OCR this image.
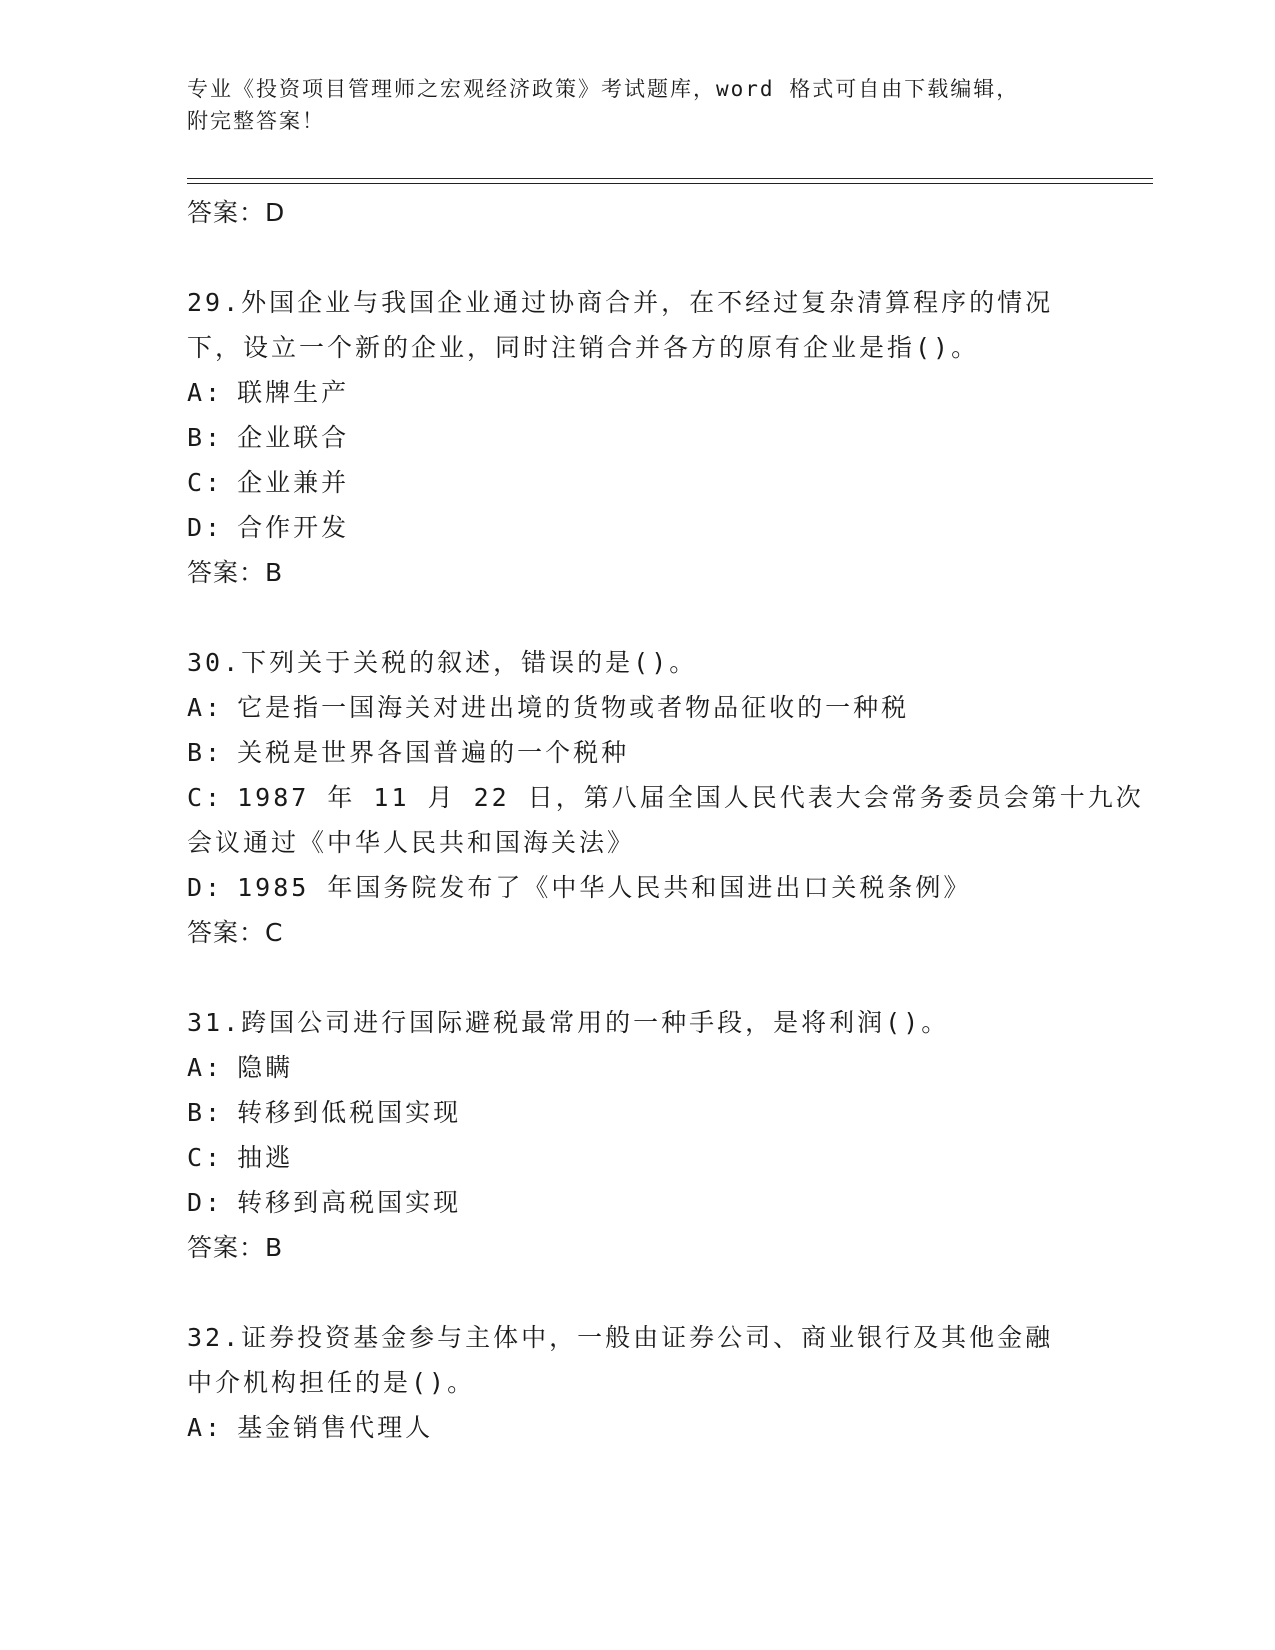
专业《投资项目管理师之宏观经济政策》考试题库，word 格式可自由下载编辑，
附完整答案！
答案：D
29.外国企业与我国企业通过协商合并，在不经过复杂清算程序的情况
下，设立一个新的企业，同时注销合并各方的原有企业是指()。
A: 联牌生产
B: 企业联合
C: 企业兼并
D: 合作开发
答案：B
30.下列关于关税的叙述，错误的是()。
A: 它是指一国海关对进出境的货物或者物品征收的一种税
B: 关税是世界各国普遍的一个税种
C: 1987 年 11 月 22 日，第八届全国人民代表大会常务委员会第十九次
会议通过《中华人民共和国海关法》
D: 1985 年国务院发布了《中华人民共和国进出口关税条例》
答案：C
31.跨国公司进行国际避税最常用的一种手段，是将利润()。
A: 隐瞒
B: 转移到低税国实现
C: 抽逃
D: 转移到高税国实现
答案：B
32.证券投资基金参与主体中，一般由证券公司、商业银行及其他金融
中介机构担任的是()。
A: 基金销售代理人
